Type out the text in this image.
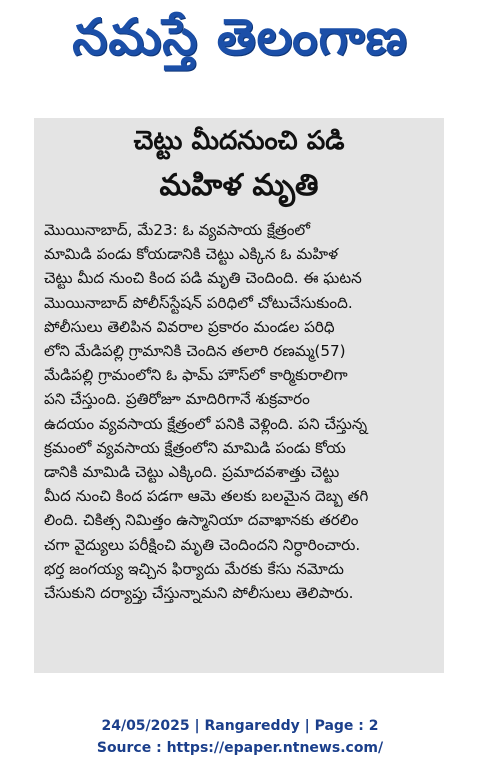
నమస్తే తెలంగాణ
చెట్టు మీదనుంచి పడి
మహిళ మృతి
మొయినాబాద్, మే23: ఓ వ్యవసాయ క్షేత్రంలో
మామిడి పండు కోయడానికి చెట్టు ఎక్కిన ఓ మహిళ
చెట్టు మీద నుంచి కింద పడి మృతి చెందింది. ఈ ఘటన
మొయినాబాద్ పోలీస్‌స్టేషన్ పరిధిలో చోటుచేసుకుంది.
పోలీసులు తెలిపిన వివరాల ప్రకారం మండల పరిధి
లోని మేడిపల్లి గ్రామానికి చెందిన తలారి రణమ్మ(57)
మేడిపల్లి గ్రామంలోని ఓ ఫామ్ హౌస్‌లో కార్మికురాలిగా
పని చేస్తుంది. ప్రతిరోజూ మాదిరిగానే శుక్రవారం
ఉదయం వ్యవసాయ క్షేత్రంలో పనికి వెళ్లింది. పని చేస్తున్న
క్రమంలో వ్యవసాయ క్షేత్రంలోని మామిడి పండు కోయ
డానికి మామిడి చెట్టు ఎక్కింది. ప్రమాదవశాత్తు చెట్టు
మీద నుంచి కింద పడగా ఆమె తలకు బలమైన దెబ్బ తగి
లింది. చికిత్స నిమిత్తం ఉస్మానియా దవాఖానకు తరలిం
చగా వైద్యులు పరీక్షించి మృతి చెందిందని నిర్ధారించారు.
భర్త జంగయ్య ఇచ్చిన ఫిర్యాదు మేరకు కేసు నమోదు
చేసుకుని దర్యాప్తు చేస్తున్నామని పోలీసులు తెలిపారు.
24/05/2025 | Rangareddy | Page : 2
Source : https://epaper.ntnews.com/
